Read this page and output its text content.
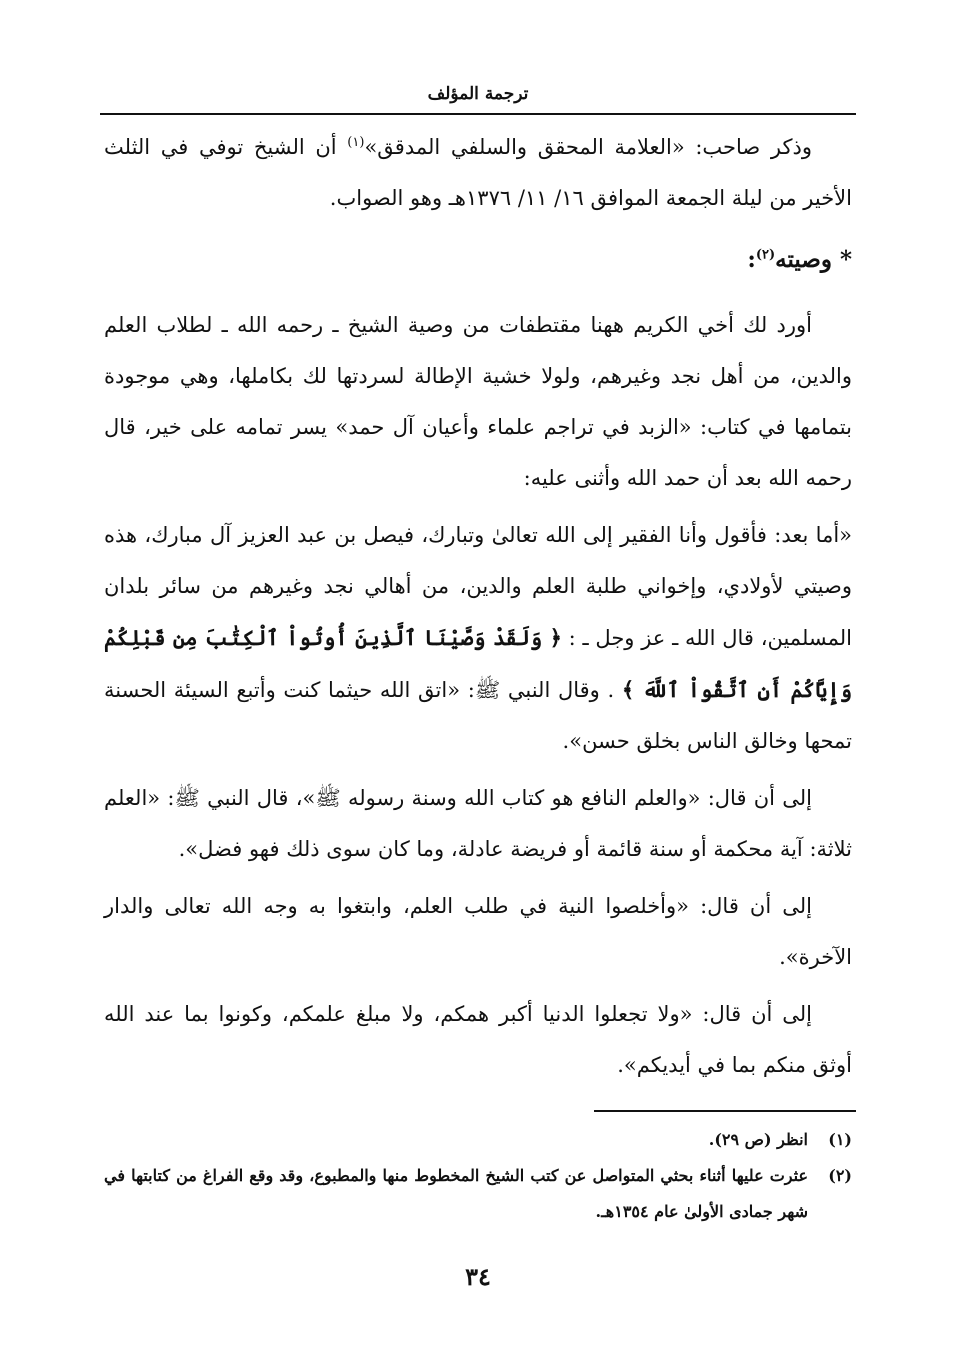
ترجمة المؤلف

وذكر صاحب: «العلامة المحقق والسلفي المدقق»$^{(١)}$ أن الشيخ توفي في الثلث الأخير من ليلة الجمعة الموافق ١٦/ ١١/ ١٣٧٦هـ وهو الصواب.

*وصيته$^{(٢)}$:

أورد لك أخي الكريم ههنا مقتطفات من وصية الشيخ ـ رحمه الله ـ لطلاب العلم والدين، من أهل نجد وغيرهم، ولولا خشية الإطالة لسردتها لك بكاملها، وهي موجودة بتمامها في كتاب: «الزبد في تراجم علماء وأعيان آل حمد» يسر تمامه على خير، قال رحمه الله بعد أن حمد الله وأثنى عليه:

«أما بعد: فأقول وأنا الفقير إلى الله تعالىٰ وتبارك، فيصل بن عبد العزيز آل مبارك، هذه وصيتي لأولادي، وإخواني طلبة العلم والدين، من أهالي نجد وغيرهم من سائر بلدان المسلمين، قال الله ـ عز وجل ـ : ﴿ وَلَقَدْ وَصَّيْنَا ٱلَّذِينَ أُوتُواْ ٱلْكِتَٰبَ مِن قَبْلِكُمْ وَإِيَّاكُمْ أَنِ ٱتَّقُواْ ٱللَّهَ ﴾ . وقال النبي ﷺ: «اتق الله حيثما كنت وأتبع السيئة الحسنة تمحها وخالق الناس بخلق حسن».

إلى أن قال: «والعلم النافع هو كتاب الله وسنة رسوله ﷺ»، قال النبي ﷺ: «العلم ثلاثة: آية محكمة أو سنة قائمة أو فريضة عادلة، وما كان سوى ذلك فهو فضل».

إلى أن قال: «وأخلصوا النية في طلب العلم، وابتغوا به وجه الله تعالى والدار الآخرة».

إلى أن قال: «ولا تجعلوا الدنيا أكبر همكم، ولا مبلغ علمكم، وكونوا بما عند الله أوثق منكم بما في أيديكم».

(١)
انظر (ص ٢٩).
(٢)
عثرت عليها أثناء بحثي المتواصل عن كتب الشيخ المخطوط منها والمطبوع، وقد وقع الفراغ من كتابتها في شهر جمادى الأولىٰ عام ١٣٥٤هـ.
٣٤
